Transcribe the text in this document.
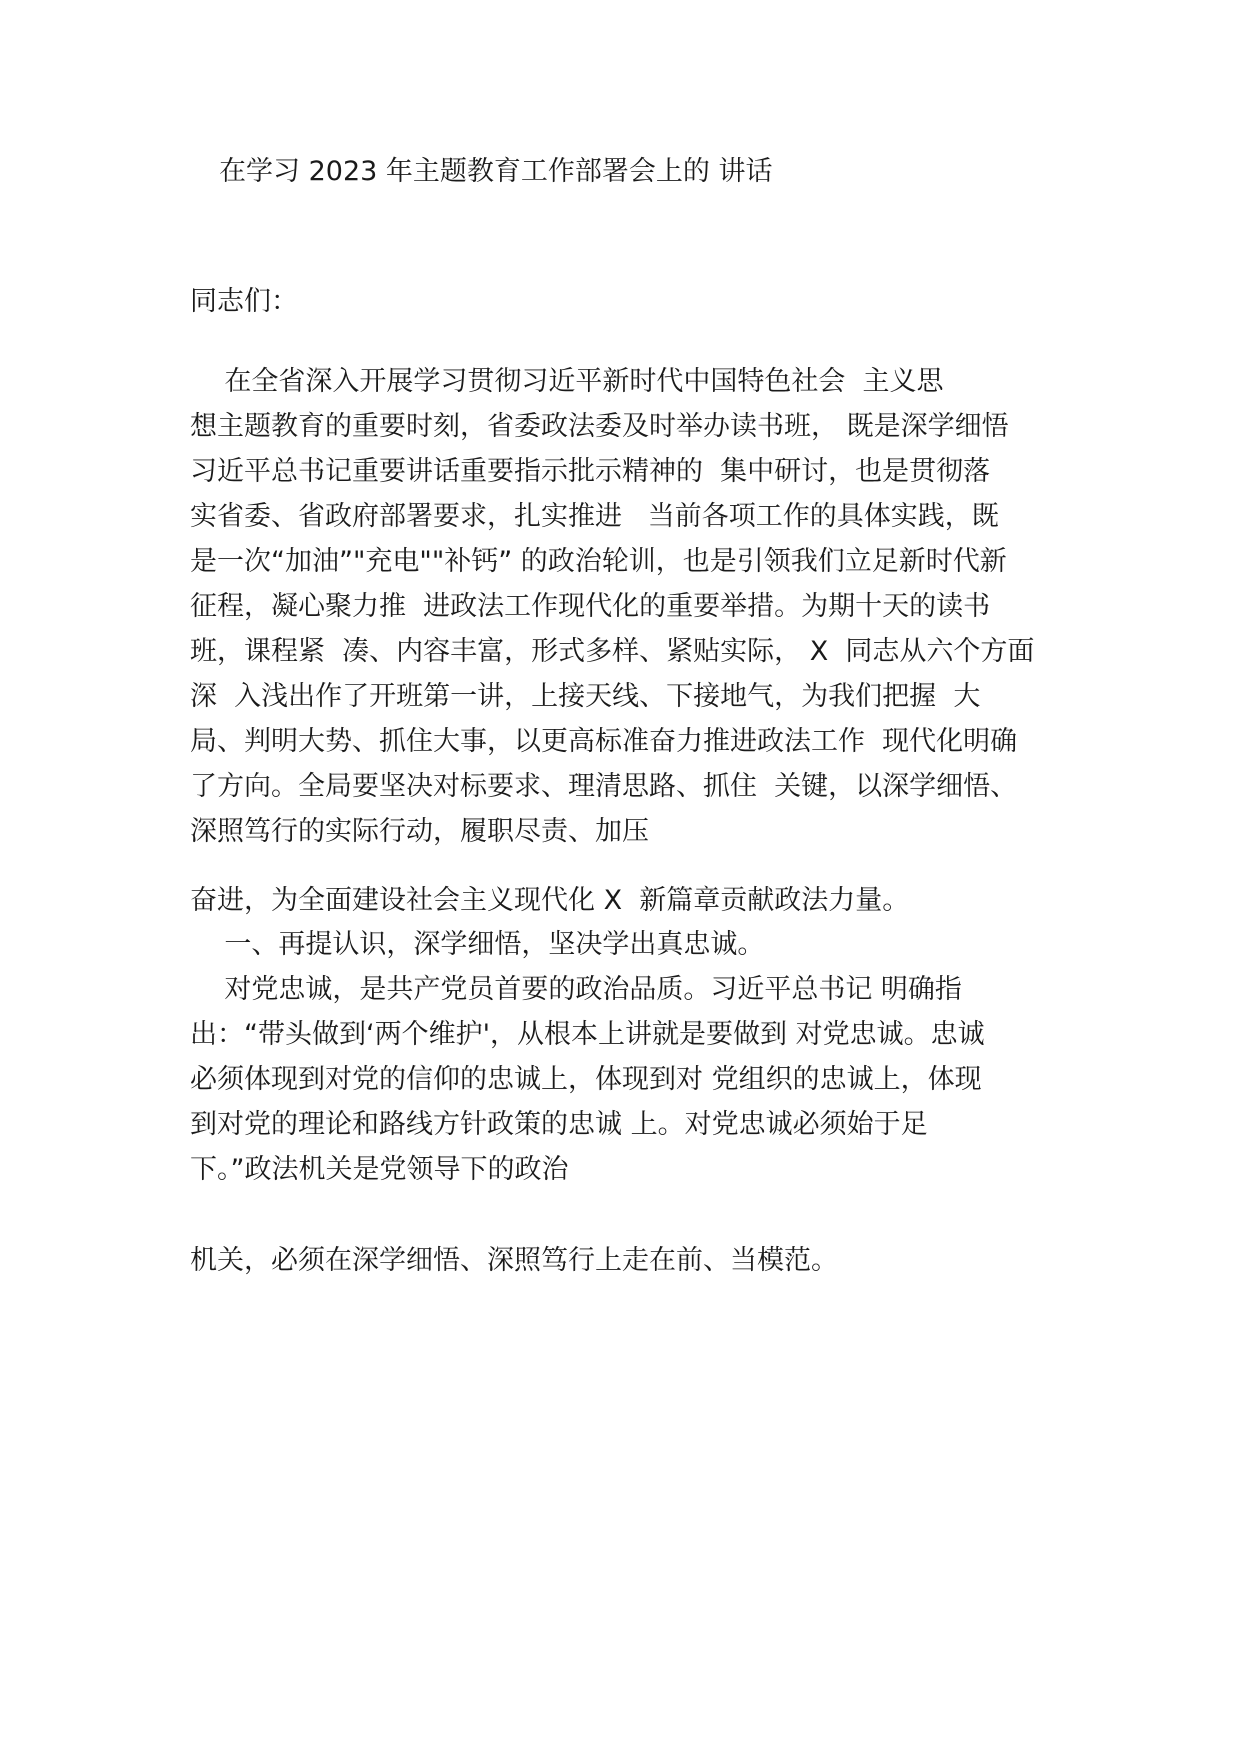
在学习 2023 年主题教育工作部署会上的 讲话
同志们：
在全省深入开展学习贯彻习近平新时代中国特色社会  主义思
想主题教育的重要时刻，省委政法委及时举办读书班， 既是深学细悟
习近平总书记重要讲话重要指示批示精神的  集中研讨，也是贯彻落
实省委、省政府部署要求，扎实推进   当前各项工作的具体实践，既
是一次“加油”"充电""补钙” 的政治轮训，也是引领我们立足新时代新
征程，凝心聚力推  进政法工作现代化的重要举措。为期十天的读书
班，课程紧  凑、内容丰富，形式多样、紧贴实际， X  同志从六个方面
深  入浅出作了开班第一讲，上接天线、下接地气，为我们把握  大
局、判明大势、抓住大事，以更高标准奋力推进政法工作  现代化明确
了方向。全局要坚决对标要求、理清思路、抓住  关键，以深学细悟、
深照笃行的实际行动，履职尽责、加压
奋进，为全面建设社会主义现代化 X  新篇章贡献政法力量。
一、再提认识，深学细悟，坚决学出真忠诚。
对党忠诚，是共产党员首要的政治品质。习近平总书记 明确指
出：“带头做到‘两个维护'，从根本上讲就是要做到 对党忠诚。忠诚
必须体现到对党的信仰的忠诚上，体现到对 党组织的忠诚上，体现
到对党的理论和路线方针政策的忠诚 上。对党忠诚必须始于足
下。”政法机关是党领导下的政治
机关，必须在深学细悟、深照笃行上走在前、当模范。
